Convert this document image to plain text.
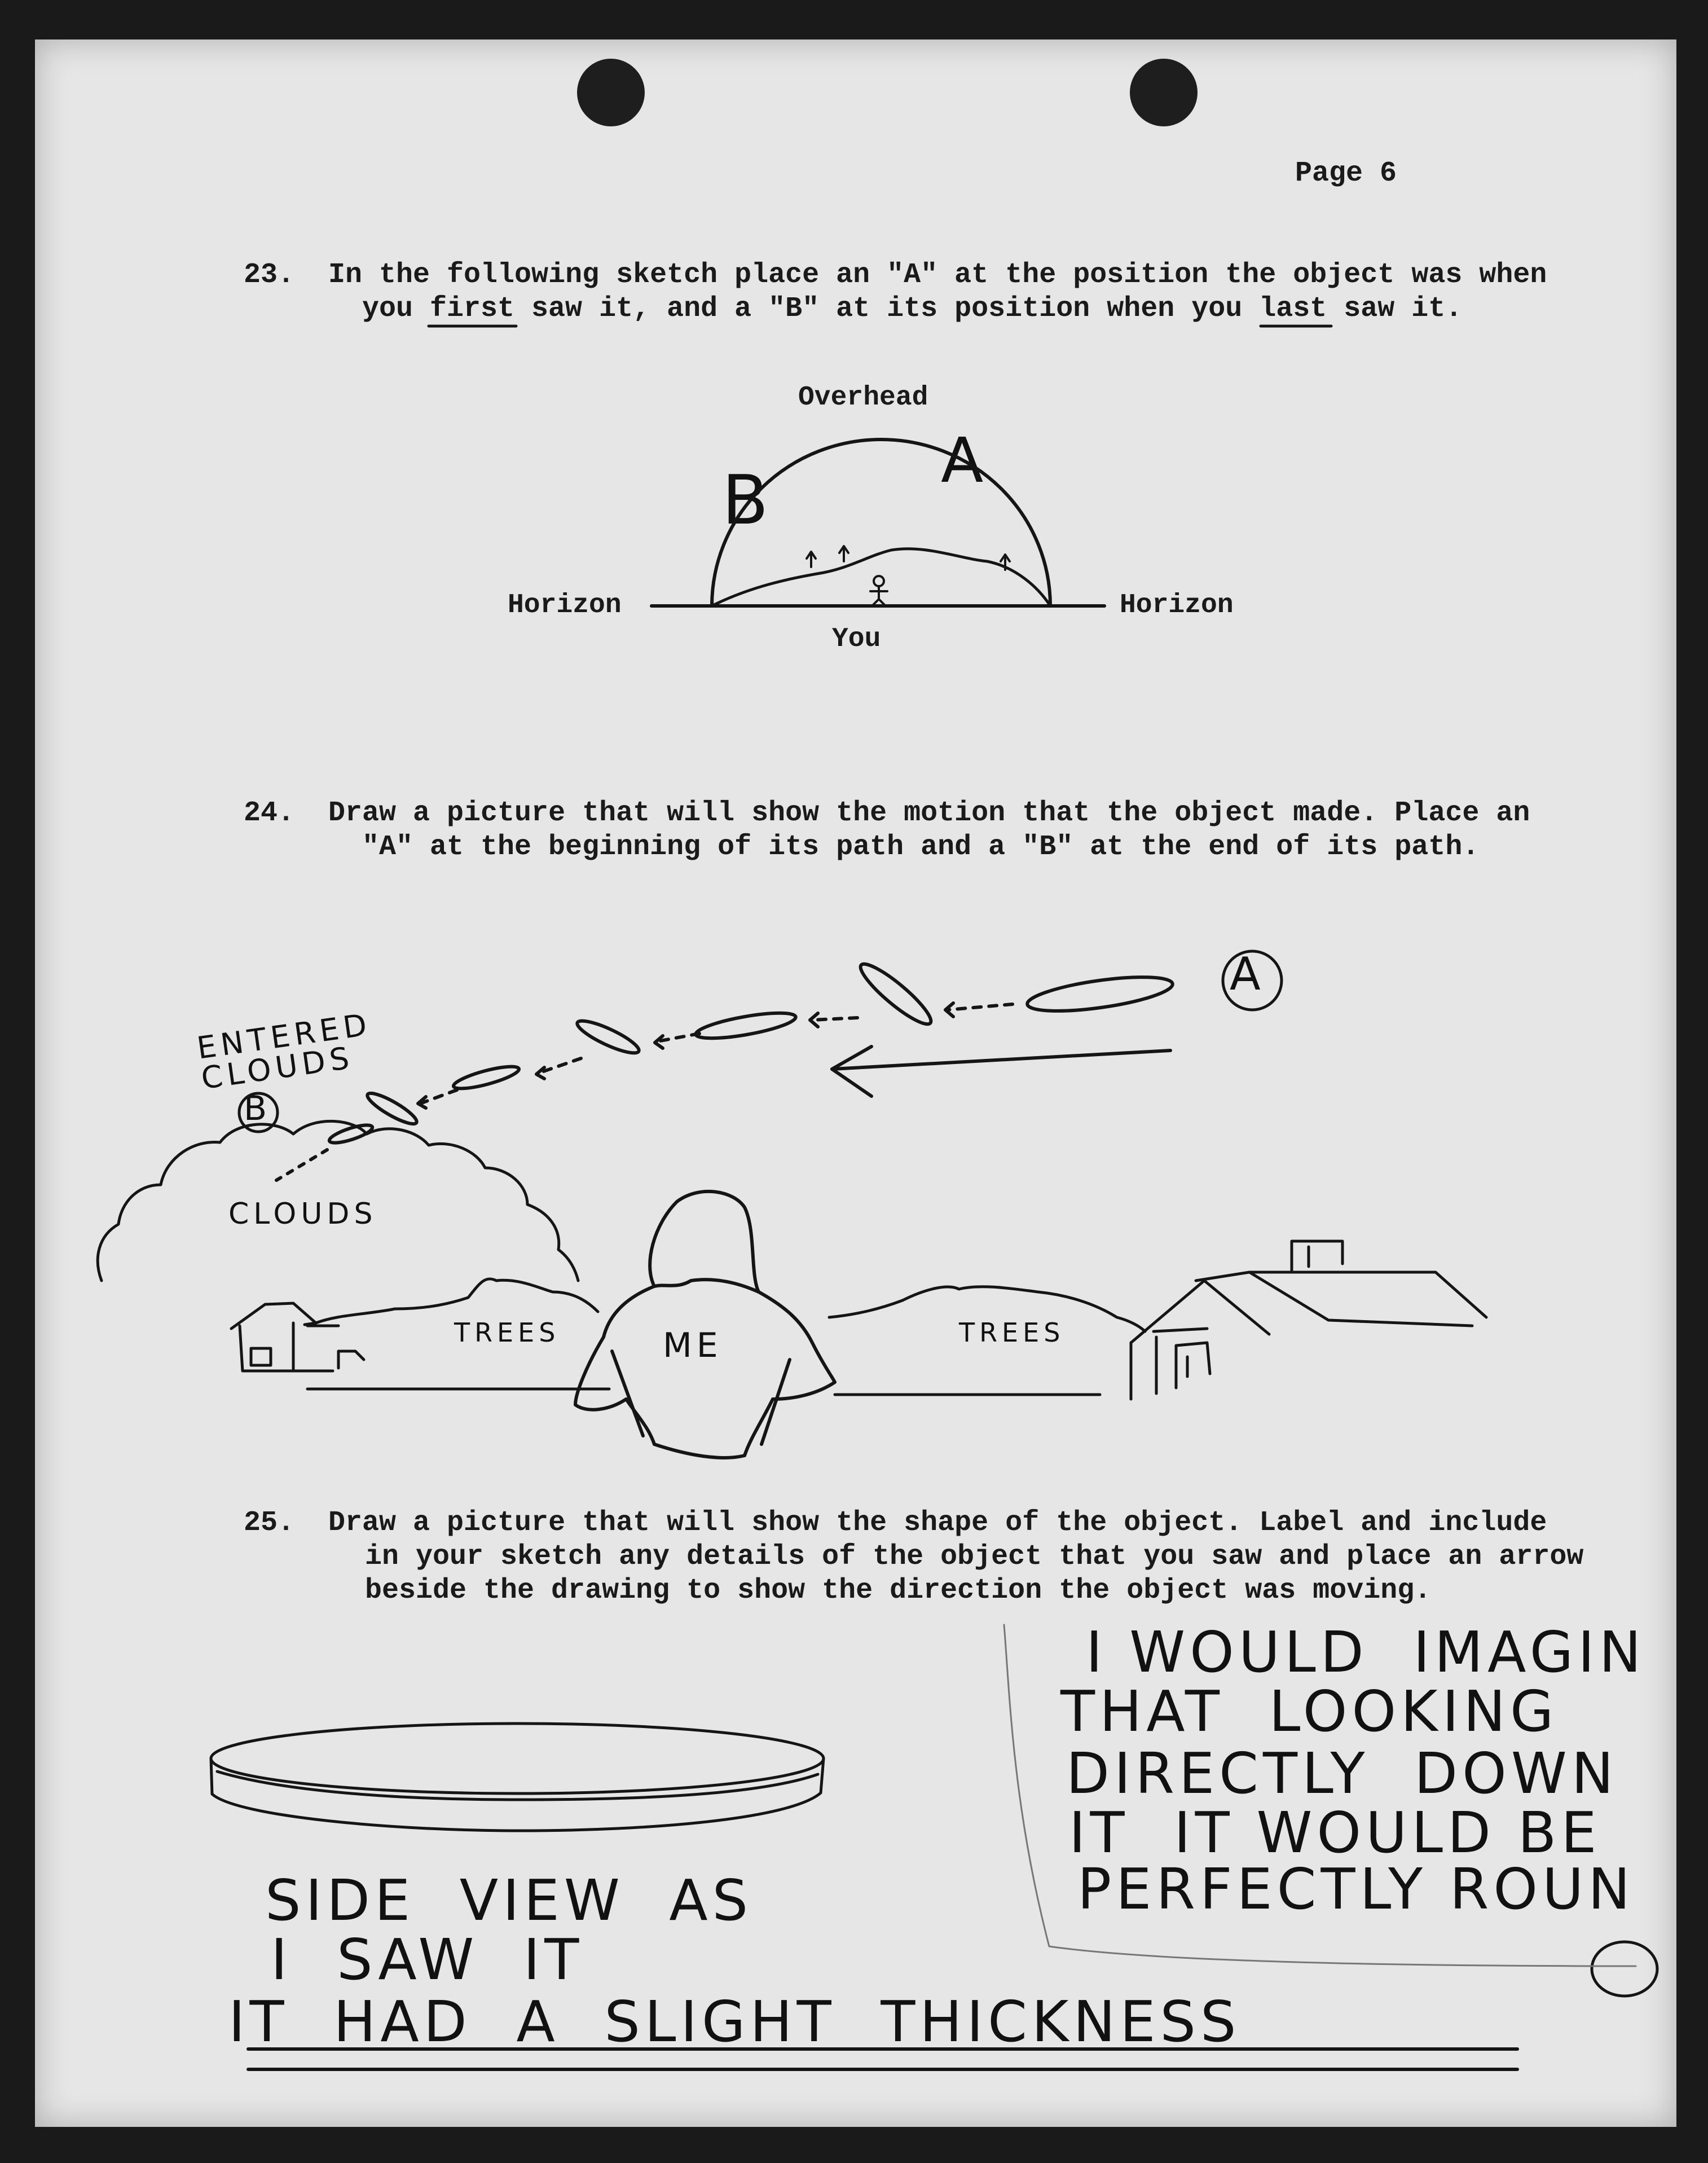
Page 6
23.	In the following sketch place an "A" at the position the object was when
you first saw it, and a "B" at its position when you last saw it.
Overhead
Horizon	Horizon
You
A
B
24.	Draw a picture that will show the motion that the object made. Place an
"A" at the beginning of its path and a "B" at the end of its path.
A
B
ENTERED
CLOUDS
CLOUDS
TREES	TREES
ME
25.	Draw a picture that will show the shape of the object. Label and include
in your sketch any details of the object that you saw and place an arrow
beside the drawing to show the direction the object was moving.
I WOULD  IMAGIN
THAT  LOOKING
DIRECTLY  DOWN
IT  IT WOULD BE
PERFECTLY ROUN
SIDE  VIEW  AS
I  SAW  IT
IT  HAD  A  SLIGHT  THICKNESS
